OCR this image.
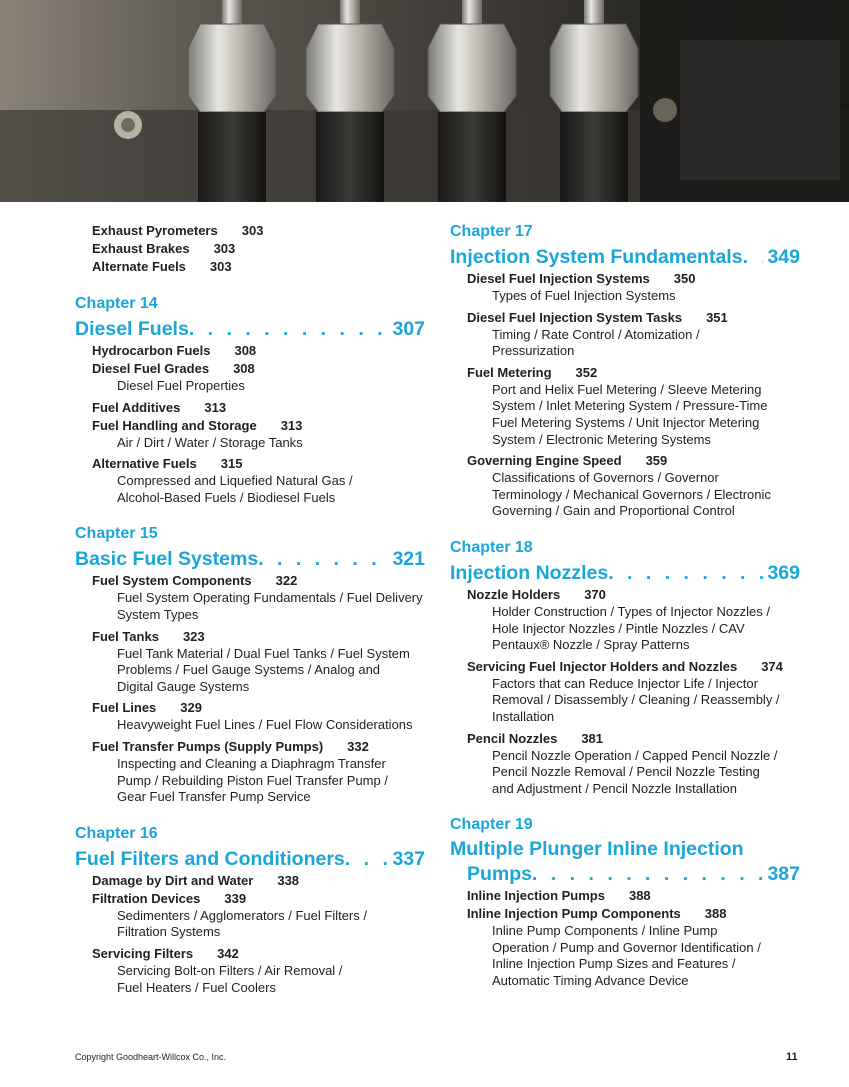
Exhaust Pyrometers 303

Exhaust Brakes 303

Alternate Fuels 303

Chapter 14

Diesel Fuels . . .	307

Hydrocarbon Fuels 308

Diesel Fuel Grades 308

Diesel Fuel Properties

Fuel Additives 313

Fuel Handling and Storage 313

Air / Dirt / Water / Storage Tanks

Alternative Fuels 315

Compressed and Liquefied Natural Gas /

Alcohol-Based Fuels / Biodiesel Fuels

Chapter 15

Basic Fuel Systems . . .	321

Fuel System Components 322

Fuel System Operating Fundamentals / Fuel Delivery

System Types

Fuel Tanks 323

Fuel Tank Material / Dual Fuel Tanks / Fuel System

Problems / Fuel Gauge Systems / Analog and

Digital Gauge Systems

Fuel Lines 329

Heavyweight Fuel Lines / Fuel Flow Considerations

Fuel Transfer Pumps (Supply Pumps) 332

Inspecting and Cleaning a Diaphragm Transfer

Pump / Rebuilding Piston Fuel Transfer Pump /

Gear Fuel Transfer Pump Service

Chapter 16

Fuel Filters and Conditioners . . . 337

Damage by Dirt and Water 338

Filtration Devices 339

Sedimenters / Agglomerators / Fuel Filters /

Filtration Systems

Servicing Filters 342

Servicing Bolt-on Filters / Air Removal /

Fuel Heaters / Fuel Coolers

Chapter 17

Injection System Fundamentals . . . 349

Diesel Fuel Injection Systems 350

Types of Fuel Injection Systems

Diesel Fuel Injection System Tasks 351

Timing / Rate Control / Atomization /

Pressurization

Fuel Metering 352

Port and Helix Fuel Metering / Sleeve Metering

System / Inlet Metering System / Pressure-Time

Fuel Metering Systems / Unit Injector Metering

System / Electronic Metering Systems

Governing Engine Speed 359

Classifications of Governors / Governor

Terminology / Mechanical Governors / Electronic

Governing / Gain and Proportional Control

Chapter 18

Injection Nozzles . . .	369

Nozzle Holders 370

Holder Construction / Types of Injector Nozzles /

Hole Injector Nozzles / Pintle Nozzles / CAV

Pentaux® Nozzle / Spray Patterns

Servicing Fuel Injector Holders and Nozzles 374

Factors that can Reduce Injector Life / Injector

Removal / Disassembly / Cleaning / Reassembly /

Installation

Pencil Nozzles 381

Pencil Nozzle Operation / Capped Pencil Nozzle /

Pencil Nozzle Removal / Pencil Nozzle Testing

and Adjustment / Pencil Nozzle Installation

Chapter 19

Multiple Plunger Inline Injection

Pumps . . .	387

Inline Injection Pumps 388

Inline Injection Pump Components 388

Inline Pump Components / Inline Pump

Operation / Pump and Governor Identification /

Inline Injection Pump Sizes and Features /

Automatic Timing Advance Device

Copyright Goodheart-Willcox Co., Inc.	11
